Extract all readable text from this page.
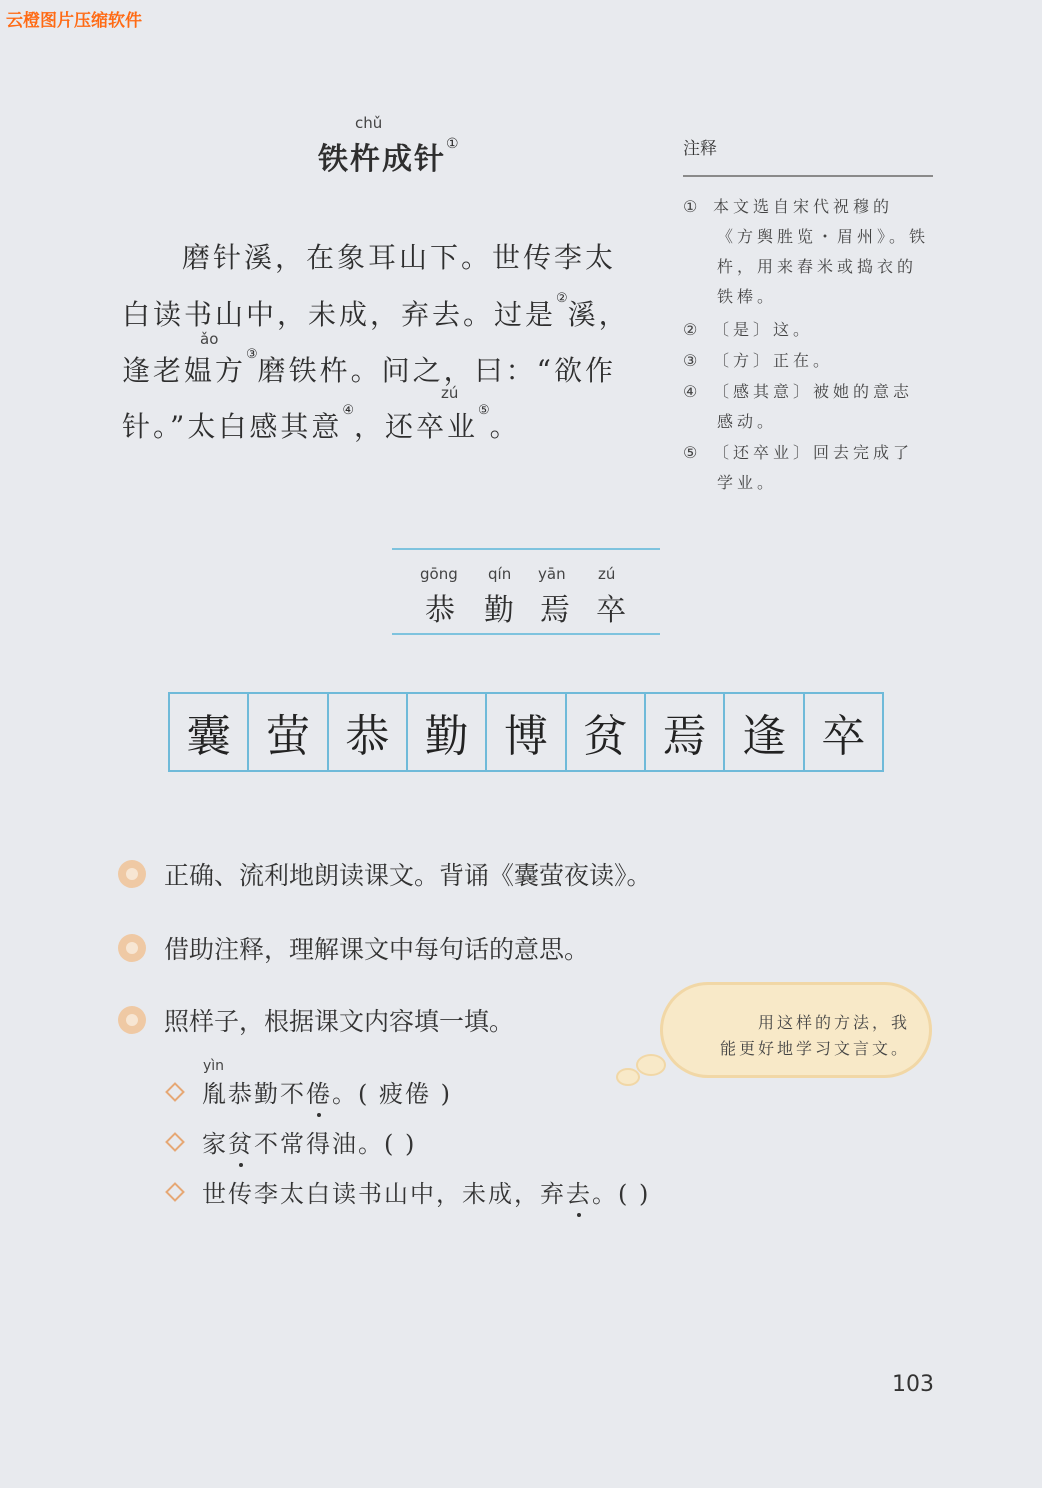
云橙图片压缩软件
chǔ
铁杵成针①
ǎo
zú
磨针溪，在象耳山下。世传李太
白读书山中，未成，弃去。过是②溪，
逢老媪方③磨铁杵。问之，曰：“欲作
针。”太白感其意④，还卒业⑤。
注释
① 本文选自宋代祝穆的
《方舆胜览・眉州》。铁
杵，用来舂米或捣衣的
铁棒。
② 〔是〕这。
③ 〔方〕正在。
④ 〔感其意〕被她的意志
感动。
⑤ 〔还卒业〕回去完成了
学业。
gōng qín yān zú
恭 勤 焉 卒
囊 萤 恭 勤 博 贫 焉 逢 卒
正确、流利地朗读课文。背诵《囊萤夜读》。
借助注释，理解课文中每句话的意思。
照样子，根据课文内容填一填。	用这样的方法，我
能更好地学习文言文。
yìn
胤恭勤不 倦 。( 疲倦 )
家 贫 不常得油。( )
世传李太白读书山中，未成，弃 去 。( )
103
